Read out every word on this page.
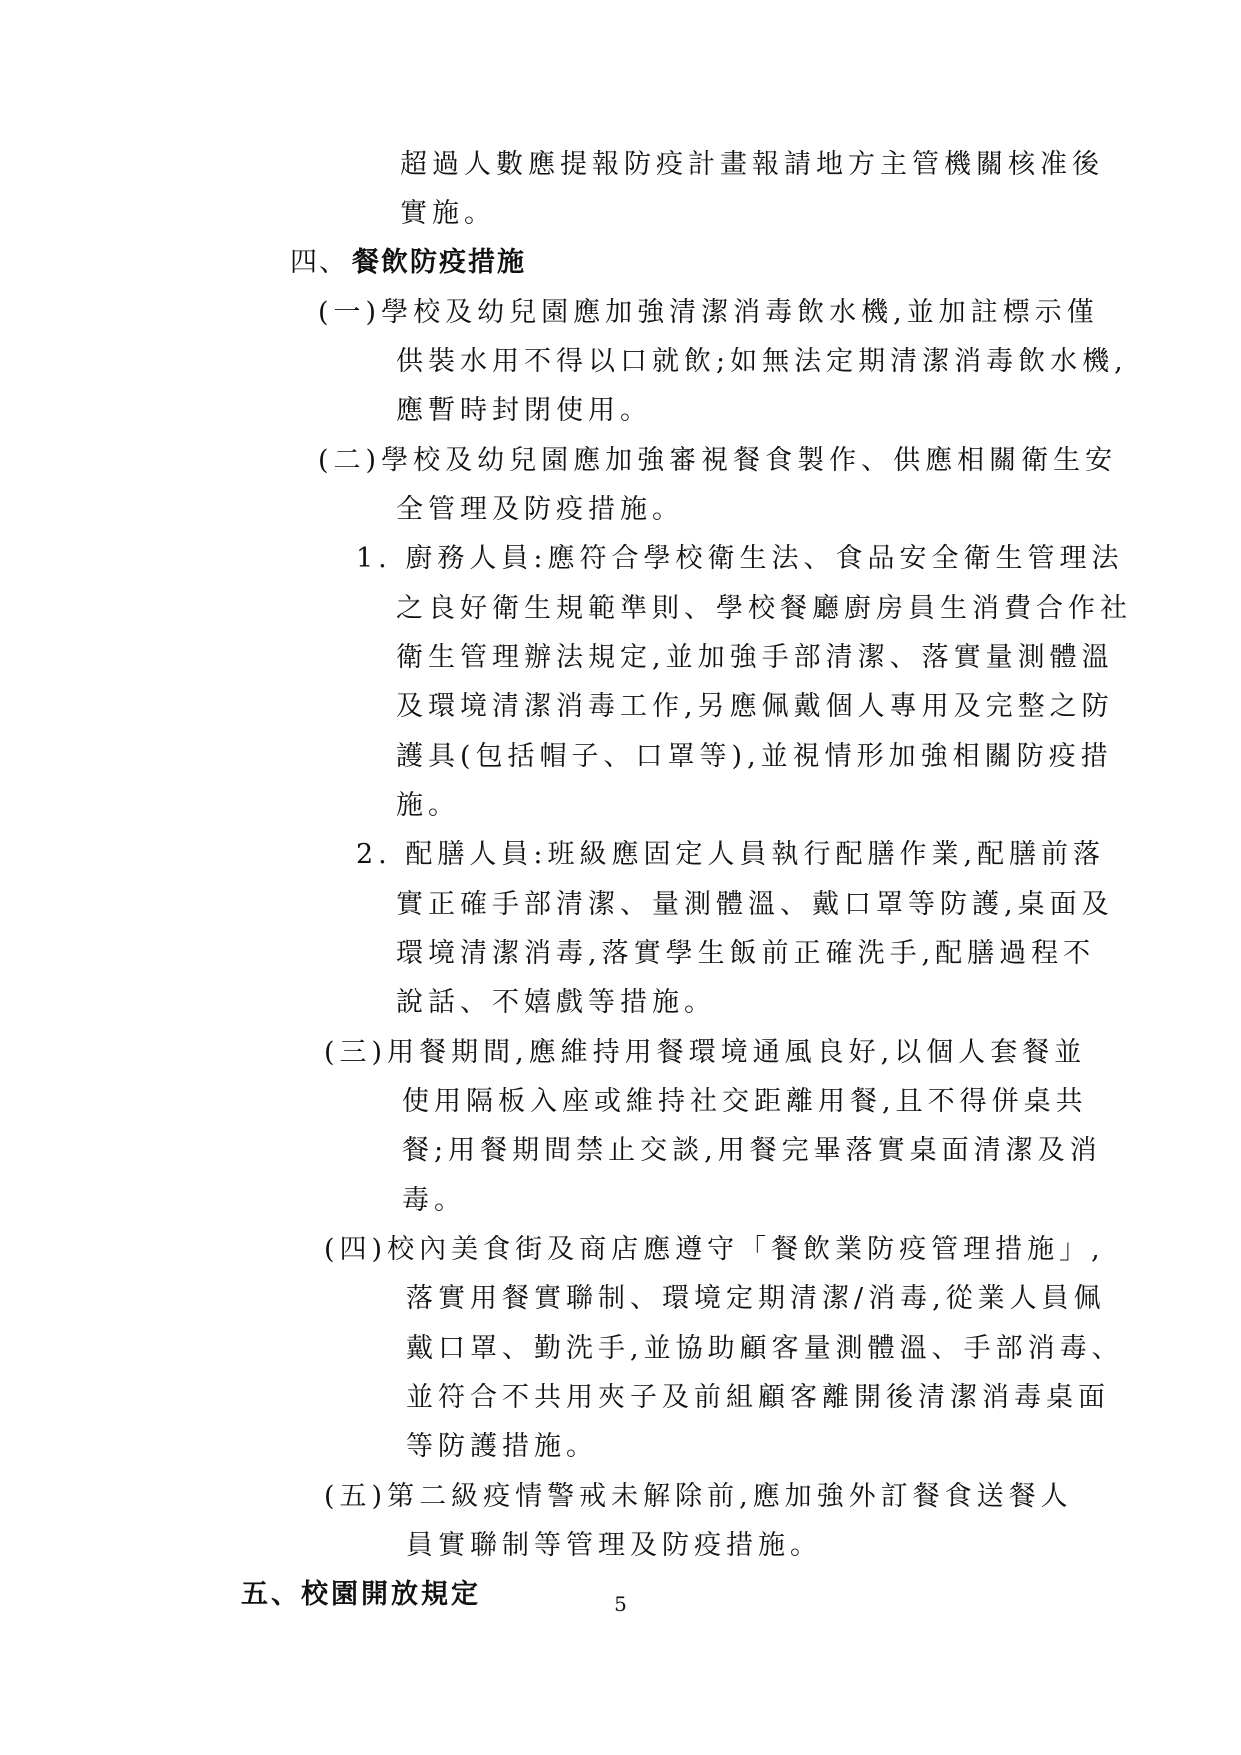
超過人數應提報防疫計畫報請地方主管機關核准後
實施。
四、 餐飲防疫措施
(一)學校及幼兒園應加強清潔消毒飲水機,並加註標示僅
供裝水用不得以口就飲;如無法定期清潔消毒飲水機,
應暫時封閉使用。
(二)學校及幼兒園應加強審視餐食製作、供應相關衛生安
全管理及防疫措施。
1. 廚務人員:應符合學校衛生法、食品安全衛生管理法
之良好衛生規範準則、學校餐廳廚房員生消費合作社
衛生管理辦法規定,並加強手部清潔、落實量測體溫
及環境清潔消毒工作,另應佩戴個人專用及完整之防
護具(包括帽子、口罩等),並視情形加強相關防疫措
施。
2. 配膳人員:班級應固定人員執行配膳作業,配膳前落
實正確手部清潔、量測體溫、戴口罩等防護,桌面及
環境清潔消毒,落實學生飯前正確洗手,配膳過程不
說話、不嬉戲等措施。
(三)用餐期間,應維持用餐環境通風良好,以個人套餐並
使用隔板入座或維持社交距離用餐,且不得併桌共
餐;用餐期間禁止交談,用餐完畢落實桌面清潔及消
毒。
(四)校內美食街及商店應遵守「餐飲業防疫管理措施」,
落實用餐實聯制、環境定期清潔/消毒,從業人員佩
戴口罩、勤洗手,並協助顧客量測體溫、手部消毒、
並符合不共用夾子及前組顧客離開後清潔消毒桌面
等防護措施。
(五)第二級疫情警戒未解除前,應加強外訂餐食送餐人
員實聯制等管理及防疫措施。
五、校園開放規定	5
